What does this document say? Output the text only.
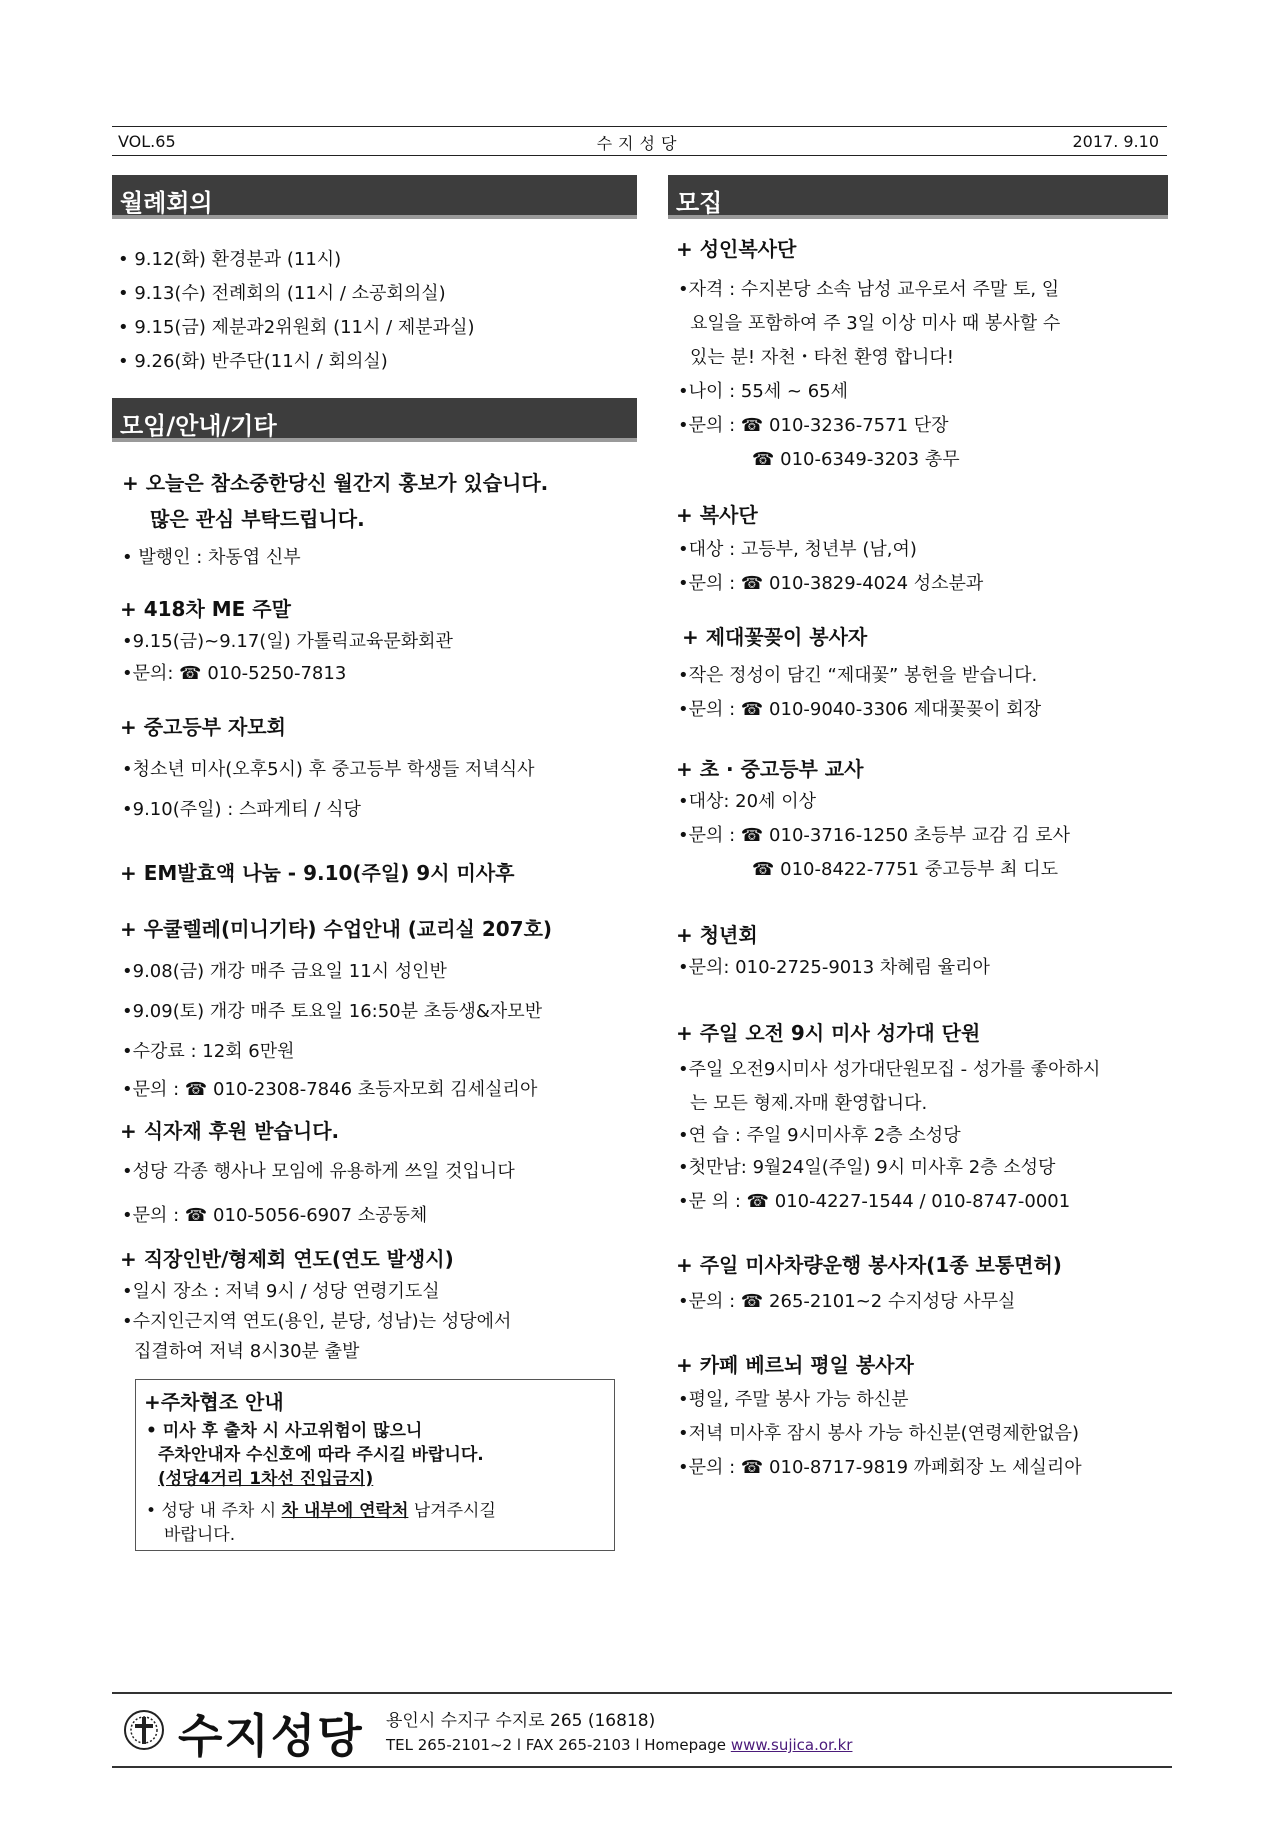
VOL.65	수지성당	2017. 9.10
월례회의
• 9.12(화) 환경분과 (11시)
• 9.13(수) 전례회의 (11시 / 소공회의실)
• 9.15(금) 제분과2위원회 (11시 / 제분과실)
• 9.26(화) 반주단(11시 / 회의실)
모임/안내/기타
+ 오늘은 참소중한당신 월간지 홍보가 있습니다.
많은 관심 부탁드립니다.
• 발행인 : 차동엽 신부
+ 418차 ME 주말
•9.15(금)~9.17(일) 가톨릭교육문화회관
•문의: ☎ 010-5250-7813
+ 중고등부 자모회
•청소년 미사(오후5시) 후 중고등부 학생들 저녁식사
•9.10(주일) : 스파게티 / 식당
+ EM발효액 나눔 - 9.10(주일) 9시 미사후
+ 우쿨렐레(미니기타) 수업안내 (교리실 207호)
•9.08(금) 개강 매주 금요일 11시 성인반
•9.09(토) 개강 매주 토요일 16:50분 초등생&자모반
•수강료 : 12회 6만원
•문의 : ☎ 010-2308-7846 초등자모회 김세실리아
+ 식자재 후원 받습니다.
•성당 각종 행사나 모임에 유용하게 쓰일 것입니다
•문의 : ☎ 010-5056-6907 소공동체
+ 직장인반/형제회 연도(연도 발생시)
•일시 장소 : 저녁 9시 / 성당 연령기도실
•수지인근지역 연도(용인, 분당, 성남)는 성당에서
집결하여 저녁 8시30분 출발
+주차협조 안내
• 미사 후 출차 시 사고위험이 많으니
주차안내자 수신호에 따라 주시길 바랍니다.
(성당4거리 1차선 진입금지)
• 성당 내 주차 시 차 내부에 연락처 남겨주시길
바랍니다.
모집
+ 성인복사단
•자격 : 수지본당 소속 남성 교우로서 주말 토, 일
요일을 포함하여 주 3일 이상 미사 때 봉사할 수
있는 분! 자천・타천 환영 합니다!
•나이 : 55세 ~ 65세
•문의 : ☎ 010-3236-7571 단장
☎ 010-6349-3203 총무
+ 복사단
•대상 : 고등부, 청년부 (남,여)
•문의 : ☎ 010-3829-4024 성소분과
+ 제대꽃꽂이 봉사자
•작은 정성이 담긴 “제대꽃” 봉헌을 받습니다.
•문의 : ☎ 010-9040-3306 제대꽃꽂이 회장
+ 초 · 중고등부 교사
•대상: 20세 이상
•문의 : ☎ 010-3716-1250 초등부 교감 김 로사
☎ 010-8422-7751 중고등부 최 디도
+ 청년회
•문의: 010-2725-9013 차혜림 율리아
+ 주일 오전 9시 미사 성가대 단원
•주일 오전9시미사 성가대단원모집 - 성가를 좋아하시
는 모든 형제.자매 환영합니다.
•연 습 : 주일 9시미사후 2층 소성당
•첫만남: 9월24일(주일) 9시 미사후 2층 소성당
•문 의 : ☎ 010-4227-1544 / 010-8747-0001
+ 주일 미사차량운행 봉사자(1종 보통면허)
•문의 : ☎ 265-2101~2 수지성당 사무실
+ 카페 베르뇌 평일 봉사자
•평일, 주말 봉사 가능 하신분
•저녁 미사후 잠시 봉사 가능 하신분(연령제한없음)
•문의 : ☎ 010-8717-9819 까페회장 노 세실리아
수지성당 용인시 수지구 수지로 265 (16818)
TEL 265-2101~2 l FAX 265-2103 l Homepage www.sujica.or.kr
